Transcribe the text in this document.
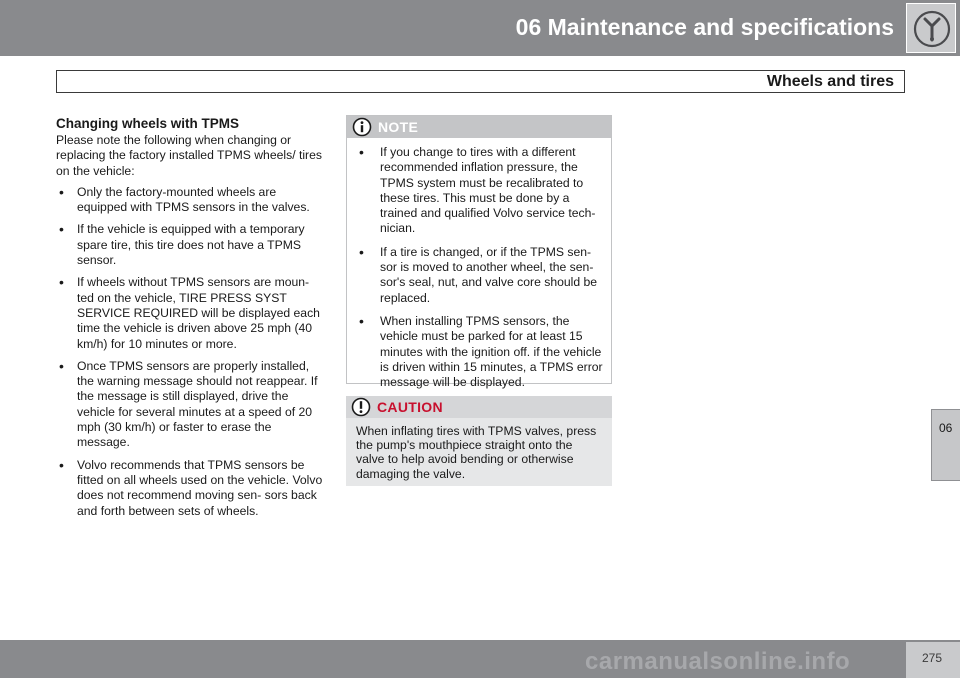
06 Maintenance and specifications
Wheels and tires
Changing wheels with TPMS
Please note the following when changing or replacing the factory installed TPMS wheels/ tires on the vehicle:
• Only the factory-mounted wheels are equipped with TPMS sensors in the valves.
• If the vehicle is equipped with a temporary spare tire, this tire does not have a TPMS sensor.
• If wheels without TPMS sensors are moun- ted on the vehicle, TIRE PRESS SYST SERVICE REQUIRED will be displayed each time the vehicle is driven above 25 mph (40 km/h) for 10 minutes or more.
• Once TPMS sensors are properly installed, the warning message should not reappear. If the message is still displayed, drive the vehicle for several minutes at a speed of 20 mph (30 km/h) or faster to erase the message.
• Volvo recommends that TPMS sensors be fitted on all wheels used on the vehicle. Volvo does not recommend moving sen- sors back and forth between sets of wheels.
NOTE
• If you change to tires with a different recommended inflation pressure, the TPMS system must be recalibrated to these tires. This must be done by a trained and qualified Volvo service tech- nician.
• If a tire is changed, or if the TPMS sen- sor is moved to another wheel, the sen- sor's seal, nut, and valve core should be replaced.
• When installing TPMS sensors, the vehicle must be parked for at least 15 minutes with the ignition off. if the vehicle is driven within 15 minutes, a TPMS error message will be displayed.
CAUTION
When inflating tires with TPMS valves, press the pump's mouthpiece straight onto the valve to help avoid bending or otherwise damaging the valve.
06
carmanualsonline.info	275
